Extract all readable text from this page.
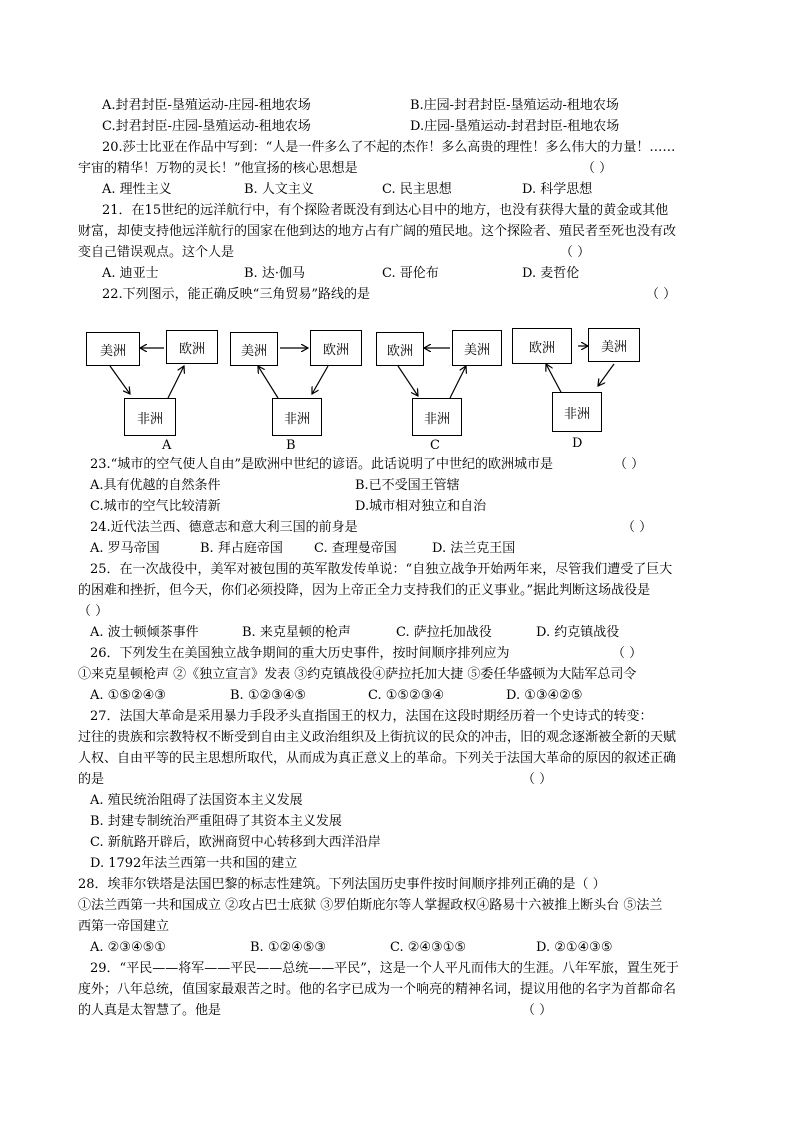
A.封君封臣-垦殖运动-庄园-租地农场	B.庄园-封君封臣-垦殖运动-租地农场
C.封君封臣-庄园-垦殖运动-租地农场	D.庄园-垦殖运动-封君封臣-租地农场
20.莎士比亚在作品中写到：“人是一件多么了不起的杰作！多么高贵的理性！多么伟大的力量！……
宇宙的精华！万物的灵长！”他宣扬的核心思想是	（ ）
A. 理性主义	B. 人文主义	C. 民主思想	D. 科学思想
21．在15世纪的远洋航行中，有个探险者既没有到达心目中的地方，也没有获得大量的黄金或其他
财富，却使支持他远洋航行的国家在他到达的地方占有广阔的殖民地。这个探险者、殖民者至死也没有改
变自己错误观点。这个人是	（ ）
A. 迪亚士	B. 达·伽马	C. 哥伦布	D. 麦哲伦
22.下列图示，能正确反映“三角贸易”路线的是	（ ）
美洲	欧洲
非洲
A
美洲	欧洲
非洲
B
欧洲	美洲
非洲
C
欧洲	美洲
非洲
D
23.“城市的空气使人自由”是欧洲中世纪的谚语。此话说明了中世纪的欧洲城市是	（ ）
A.具有优越的自然条件	B.已不受国王管辖
C.城市的空气比较清新	D.城市相对独立和自治
24.近代法兰西、德意志和意大利三国的前身是	（ ）
A. 罗马帝国	B. 拜占庭帝国 C. 查理曼帝国	D. 法兰克王国
25．在一次战役中，美军对被包围的英军散发传单说：“自独立战争开始两年来，尽管我们遭受了巨大
的困难和挫折，但今天，你们必须投降，因为上帝正全力支持我们的正义事业。”据此判断这场战役是
（ ）
A. 波士顿倾茶事件	B. 来克星顿的枪声	C. 萨拉托加战役	D. 约克镇战役
26．下列发生在美国独立战争期间的重大历史事件，按时间顺序排列应为	（ ）
①来克星顿枪声 ②《独立宣言》发表 ③约克镇战役④萨拉托加大捷 ⑤委任华盛顿为大陆军总司令
A. ①⑤②④③	B. ①②③④⑤	C. ①⑤②③④	D. ①③④②⑤
27．法国大革命是采用暴力手段矛头直指国王的权力，法国在这段时期经历着一个史诗式的转变：
过往的贵族和宗教特权不断受到自由主义政治组织及上街抗议的民众的冲击，旧的观念逐渐被全新的天赋
人权、自由平等的民主思想所取代，从而成为真正意义上的革命。下列关于法国大革命的原因的叙述正确
的是	（ ）
A. 殖民统治阻碍了法国资本主义发展
B. 封建专制统治严重阻碍了其资本主义发展
C. 新航路开辟后，欧洲商贸中心转移到大西洋沿岸
D. 1792年法兰西第一共和国的建立
28．埃菲尔铁塔是法国巴黎的标志性建筑。下列法国历史事件按时间顺序排列正确的是（ ）
①法兰西第一共和国成立 ②攻占巴士底狱 ③罗伯斯庇尔等人掌握政权④路易十六被推上断头台 ⑤法兰
西第一帝国建立
A. ②③④⑤①	B. ①②④⑤③	C. ②④③①⑤	D. ②①④③⑤
29．“平民——将军——平民——总统——平民”，这是一个人平凡而伟大的生涯。八年军旅，置生死于
度外；八年总统，值国家最艰苦之时。他的名字已成为一个响亮的精神名词，提议用他的名字为首都命名
的人真是太智慧了。他是	（ ）
